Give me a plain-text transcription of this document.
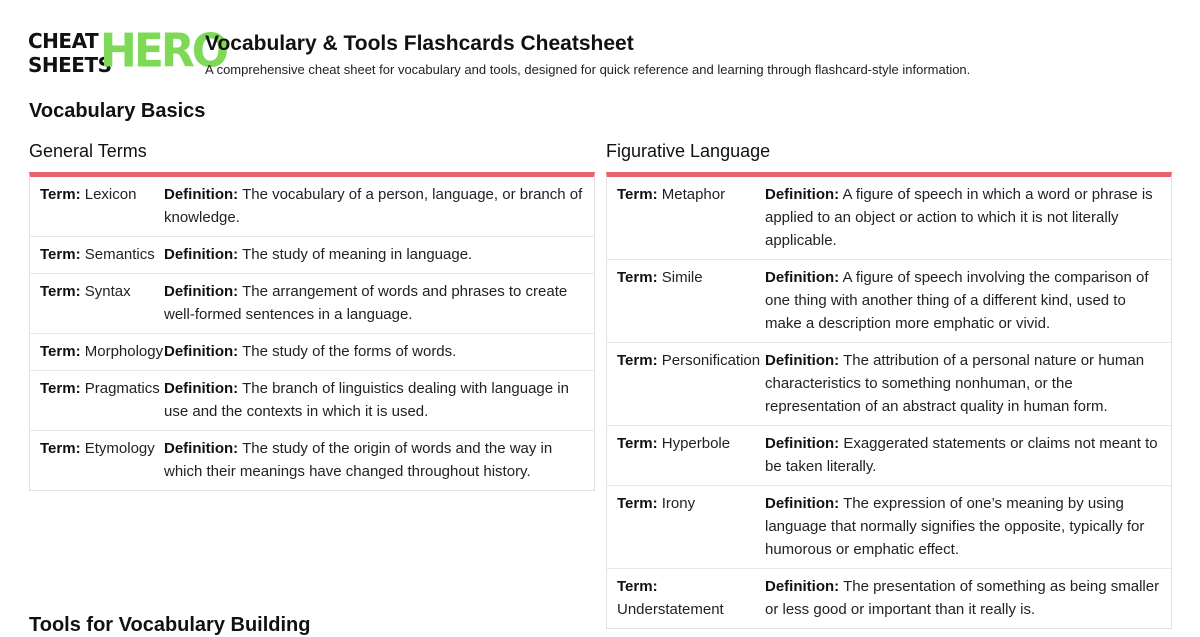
CHEAT
SHEETS
HERO
Vocabulary & Tools Flashcards Cheatsheet
A comprehensive cheat sheet for vocabulary and tools, designed for quick reference and learning through flashcard-style information.
Vocabulary Basics
General Terms
Term: Lexicon	Definition: The vocabulary of a person, language, or branch of knowledge.
Term: Semantics Definition: The study of meaning in language.
Term: Syntax	Definition: The arrangement of words and phrases to create well-formed sentences in a language.
Term: Morphology Definition: The study of the forms of words.
Term: Pragmatics Definition: The branch of linguistics dealing with language in use and the contexts in which it is used.
Term: Etymology Definition: The study of the origin of words and the way in which their meanings have changed throughout history.
Figurative Language
Term: Metaphor	Definition: A figure of speech in which a word or phrase is applied to an object or action to which it is not literally applicable.
Term: Simile	Definition: A figure of speech involving the comparison of one thing with another thing of a different kind, used to make a description more emphatic or vivid.
Term: Personification Definition: The attribution of a personal nature or human characteristics to something nonhuman, or the representation of an abstract quality in human form.
Term: Hyperbole	Definition: Exaggerated statements or claims not meant to be taken literally.
Term: Irony	Definition: The expression of one’s meaning by using language that normally signifies the opposite, typically for humorous or emphatic effect.
Term: Understatement
Definition: The presentation of something as being smaller or less good or important than it really is.
Tools for Vocabulary Building
